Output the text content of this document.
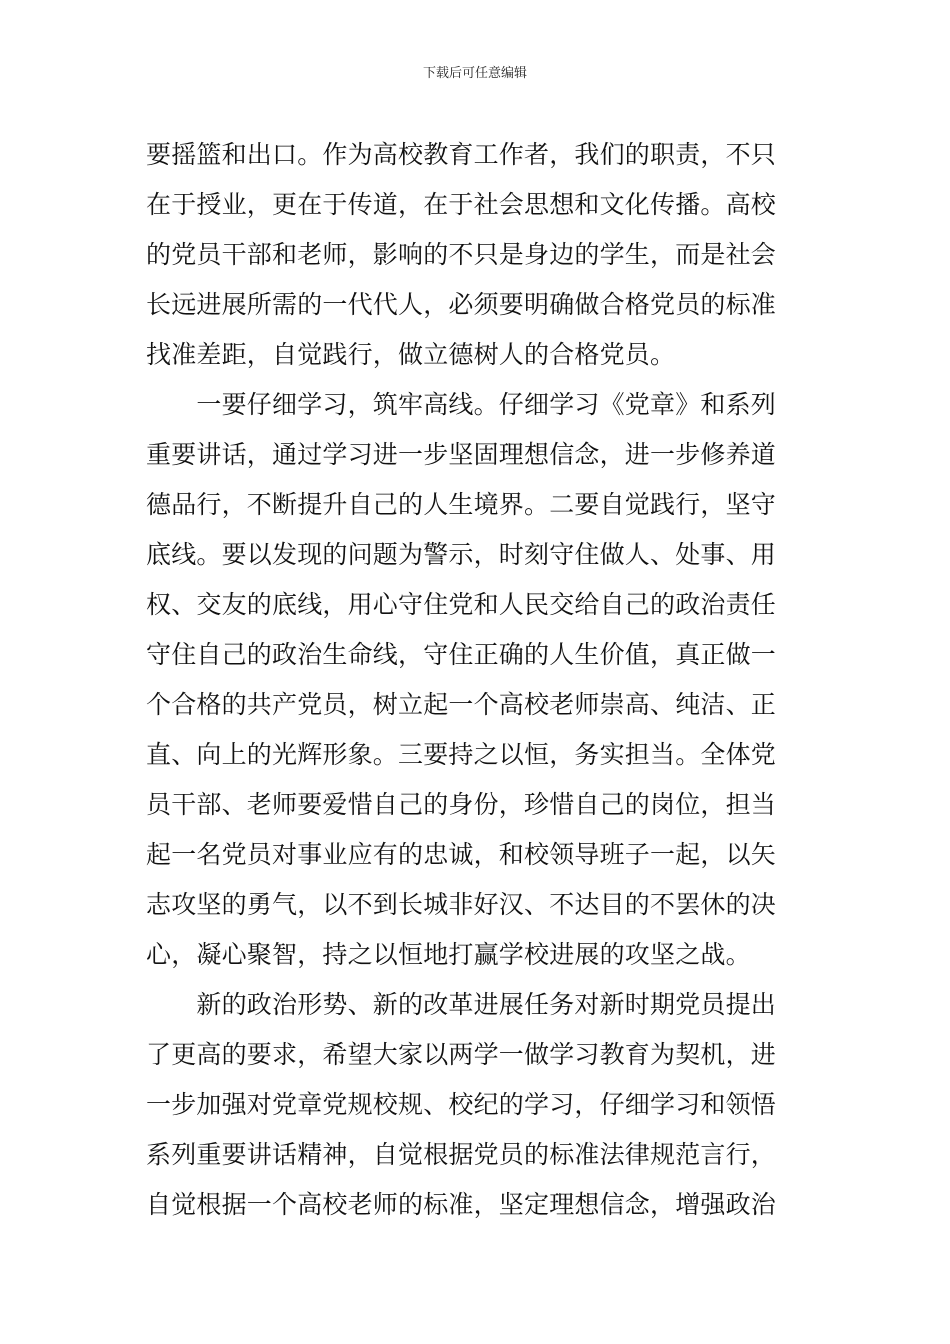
下载后可任意编辑
要摇篮和出口。作为高校教育工作者，我们的职责，不只
在于授业，更在于传道，在于社会思想和文化传播。高校
的党员干部和老师，影响的不只是身边的学生，而是社会
长远进展所需的一代代人，必须要明确做合格党员的标准
找准差距，自觉践行，做立德树人的合格党员。
　　一要仔细学习，筑牢高线。仔细学习《党章》和系列
重要讲话，通过学习进一步坚固理想信念，进一步修养道
德品行，不断提升自己的人生境界。二要自觉践行，坚守
底线。要以发现的问题为警示，时刻守住做人、处事、用
权、交友的底线，用心守住党和人民交给自己的政治责任
守住自己的政治生命线，守住正确的人生价值，真正做一
个合格的共产党员，树立起一个高校老师崇高、纯洁、正
直、向上的光辉形象。三要持之以恒，务实担当。全体党
员干部、老师要爱惜自己的身份，珍惜自己的岗位，担当
起一名党员对事业应有的忠诚，和校领导班子一起，以矢
志攻坚的勇气，以不到长城非好汉、不达目的不罢休的决
心，凝心聚智，持之以恒地打赢学校进展的攻坚之战。
　　新的政治形势、新的改革进展任务对新时期党员提出
了更高的要求，希望大家以两学一做学习教育为契机，进
一步加强对党章党规校规、校纪的学习，仔细学习和领悟
系列重要讲话精神，自觉根据党员的标准法律规范言行，
自觉根据一个高校老师的标准，坚定理想信念，增强政治
